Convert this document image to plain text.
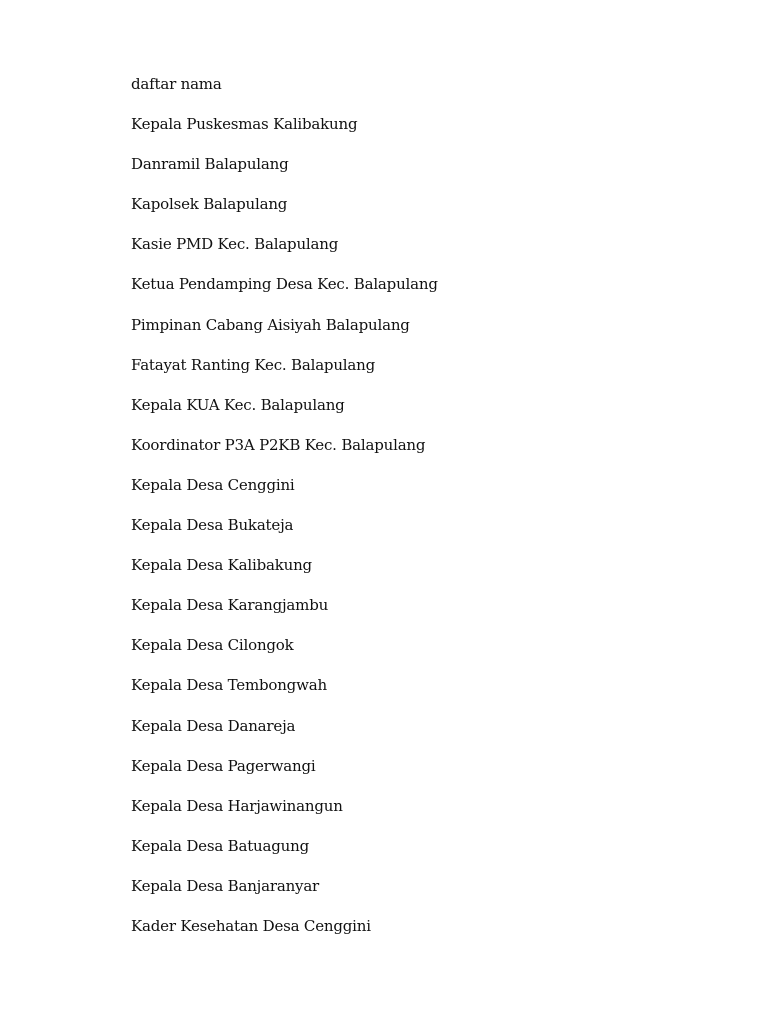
daftar nama
Kepala Puskesmas Kalibakung
Danramil Balapulang
Kapolsek Balapulang
Kasie PMD Kec. Balapulang
Ketua Pendamping Desa Kec. Balapulang
Pimpinan Cabang Aisiyah Balapulang
Fatayat Ranting Kec. Balapulang
Kepala KUA Kec. Balapulang
Koordinator P3A P2KB Kec. Balapulang
Kepala Desa Cenggini
Kepala Desa Bukateja
Kepala Desa Kalibakung
Kepala Desa Karangjambu
Kepala Desa Cilongok
Kepala Desa Tembongwah
Kepala Desa Danareja
Kepala Desa Pagerwangi
Kepala Desa Harjawinangun
Kepala Desa Batuagung
Kepala Desa Banjaranyar
Kader Kesehatan Desa Cenggini
